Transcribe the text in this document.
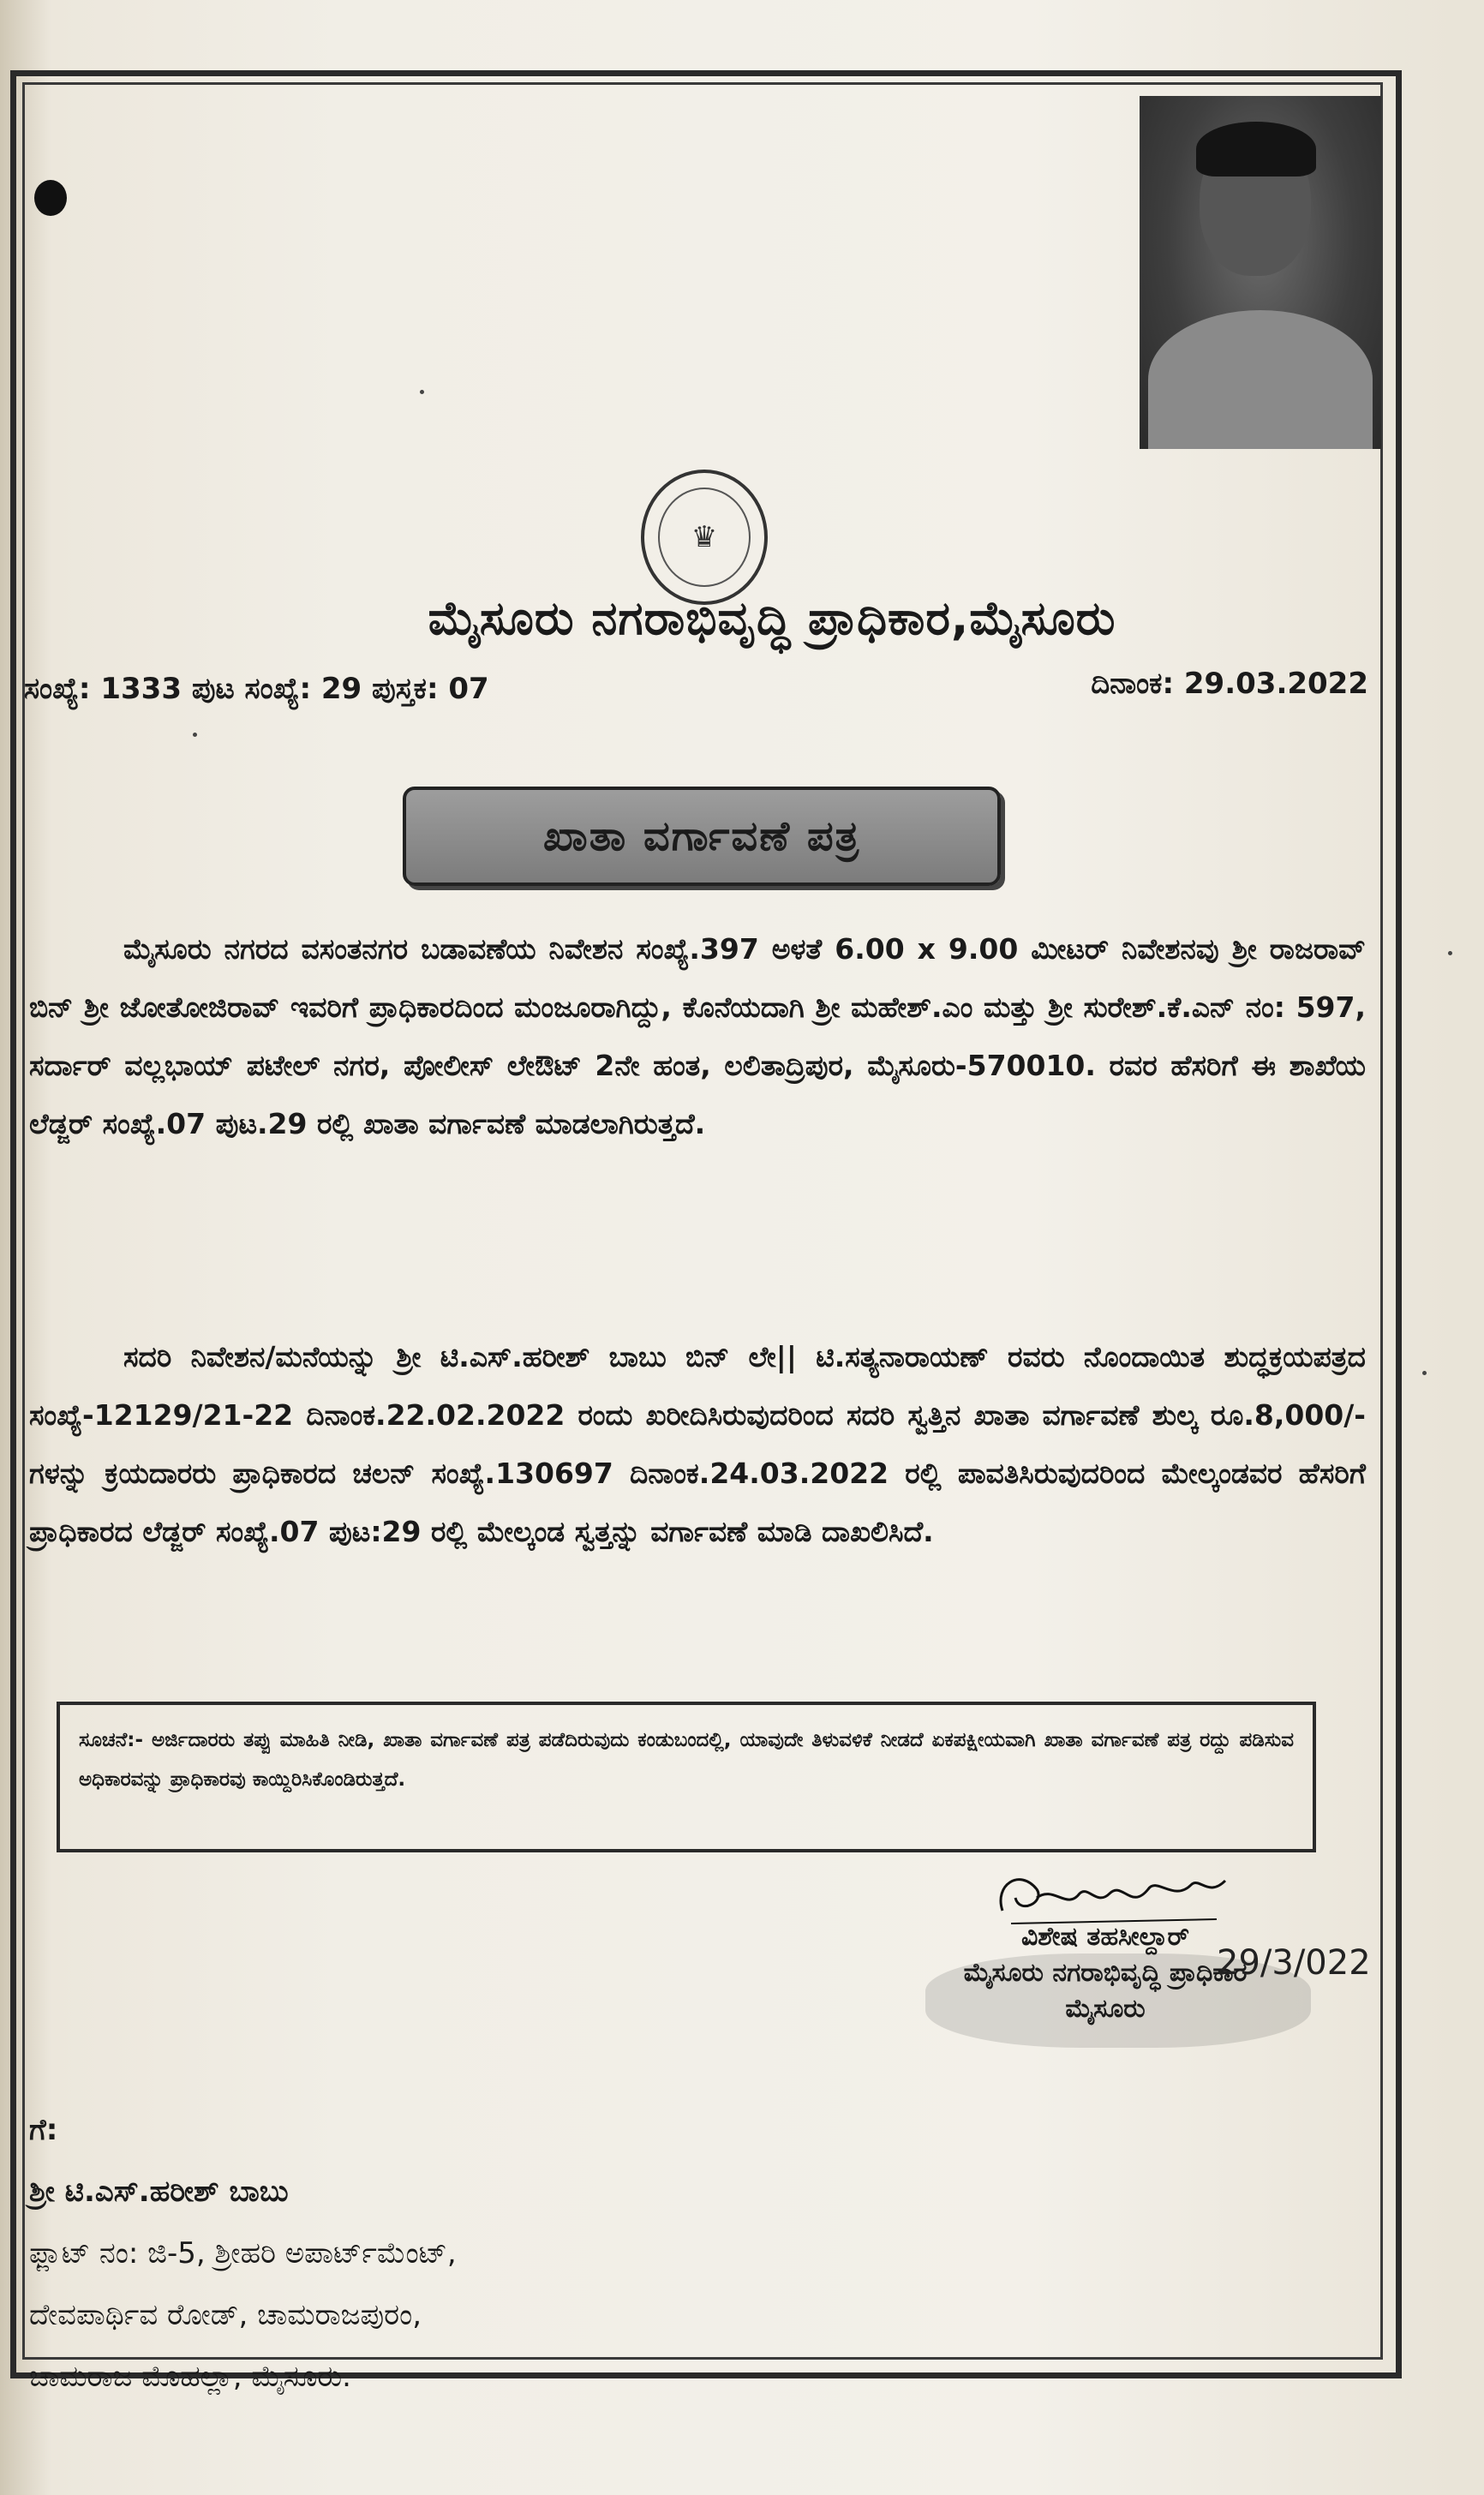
♛
ಮೈಸೂರು ನಗರಾಭಿವೃದ್ಧಿ ಪ್ರಾಧಿಕಾರ,ಮೈಸೂರು
ಸಂಖ್ಯೆ: 1333 ಪುಟ ಸಂಖ್ಯೆ: 29 ಪುಸ್ತಕ: 07	ದಿನಾಂಕ: 29.03.2022
ಖಾತಾ ವರ್ಗಾವಣೆ ಪತ್ರ
ಮೈಸೂರು ನಗರದ ವಸಂತನಗರ ಬಡಾವಣೆಯ ನಿವೇಶನ ಸಂಖ್ಯೆ.397 ಅಳತೆ 6.00 x 9.00 ಮೀಟರ್ ನಿವೇಶನವು ಶ್ರೀ ರಾಜರಾವ್ ಬಿನ್ ಶ್ರೀ ಜೋತೋಜಿರಾವ್ ಇವರಿಗೆ ಪ್ರಾಧಿಕಾರದಿಂದ ಮಂಜೂರಾಗಿದ್ದು, ಕೊನೆಯದಾಗಿ ಶ್ರೀ ಮಹೇಶ್.ಎಂ ಮತ್ತು ಶ್ರೀ ಸುರೇಶ್.ಕೆ.ಎನ್ ನಂ: 597, ಸರ್ದಾರ್ ವಲ್ಲಭಾಯ್ ಪಟೇಲ್ ನಗರ, ಪೋಲೀಸ್ ಲೇಔಟ್ 2ನೇ ಹಂತ, ಲಲಿತಾದ್ರಿಪುರ, ಮೈಸೂರು-570010. ರವರ ಹೆಸರಿಗೆ ಈ ಶಾಖೆಯ ಲೆಡ್ಜರ್ ಸಂಖ್ಯೆ.07 ಪುಟ.29 ರಲ್ಲಿ ಖಾತಾ ವರ್ಗಾವಣೆ ಮಾಡಲಾಗಿರುತ್ತದೆ.
ಸದರಿ ನಿವೇಶನ/ಮನೆಯನ್ನು ಶ್ರೀ ಟಿ.ಎಸ್.ಹರೀಶ್ ಬಾಬು ಬಿನ್ ಲೇ|| ಟಿ.ಸತ್ಯನಾರಾಯಣ್ ರವರು ನೊಂದಾಯಿತ ಶುದ್ಧಕ್ರಯಪತ್ರದ ಸಂಖ್ಯೆ-12129/21-22 ದಿನಾಂಕ.22.02.2022 ರಂದು ಖರೀದಿಸಿರುವುದರಿಂದ ಸದರಿ ಸ್ವತ್ತಿನ ಖಾತಾ ವರ್ಗಾವಣೆ ಶುಲ್ಕ ರೂ.8,000/-ಗಳನ್ನು ಕ್ರಯದಾರರು ಪ್ರಾಧಿಕಾರದ ಚಲನ್ ಸಂಖ್ಯೆ.130697 ದಿನಾಂಕ.24.03.2022 ರಲ್ಲಿ ಪಾವತಿಸಿರುವುದರಿಂದ ಮೇಲ್ಕಂಡವರ ಹೆಸರಿಗೆ ಪ್ರಾಧಿಕಾರದ ಲೆಡ್ಜರ್ ಸಂಖ್ಯೆ.07 ಪುಟ:29 ರಲ್ಲಿ ಮೇಲ್ಕಂಡ ಸ್ವತ್ತನ್ನು ವರ್ಗಾವಣೆ ಮಾಡಿ ದಾಖಲಿಸಿದೆ.
ಸೂಚನೆ:- ಅರ್ಜಿದಾರರು ತಪ್ಪು ಮಾಹಿತಿ ನೀಡಿ, ಖಾತಾ ವರ್ಗಾವಣೆ ಪತ್ರ ಪಡೆದಿರುವುದು ಕಂಡುಬಂದಲ್ಲಿ, ಯಾವುದೇ ತಿಳುವಳಿಕೆ ನೀಡದೆ ಏಕಪಕ್ಷೀಯವಾಗಿ ಖಾತಾ ವರ್ಗಾವಣೆ ಪತ್ರ ರದ್ದು ಪಡಿಸುವ ಅಧಿಕಾರವನ್ನು ಪ್ರಾಧಿಕಾರವು ಕಾಯ್ದಿರಿಸಿಕೊಂಡಿರುತ್ತದೆ.
ವಿಶೇಷ ತಹಸೀಲ್ದಾರ್
ಮೈಸೂರು ನಗರಾಭಿವೃದ್ಧಿ ಪ್ರಾಧಿಕಾರ
ಮೈಸೂರು
29/3/022
ಗೆ:
ಶ್ರೀ ಟಿ.ಎಸ್.ಹರೀಶ್ ಬಾಬು
ಫ್ಲಾಟ್ ನಂ: ಜಿ-5, ಶ್ರೀಹರಿ ಅಪಾರ್ಟ್‌ಮೆಂಟ್,
ದೇವಪಾರ್ಥಿವ ರೋಡ್, ಚಾಮರಾಜಪುರಂ,
ಚಾಮರಾಜ ಮೊಹಲ್ಲಾ, ಮೈಸೂರು.
